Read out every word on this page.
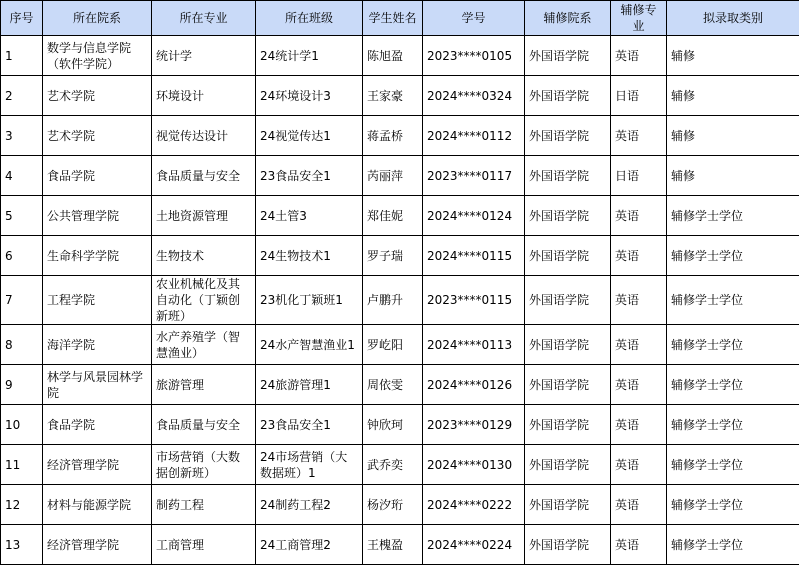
序号	所在院系	所在专业	所在班级	学生姓名	学号	辅修院系	辅修专业	拟录取类别
1	数学与信息学院（软件学院）	统计学	24统计学1	陈旭盈	2023****0105	外国语学院	英语	辅修
2	艺术学院	环境设计	24环境设计3	王家豪	2024****0324	外国语学院	日语	辅修
3	艺术学院	视觉传达设计	24视觉传达1	蒋孟桥	2024****0112	外国语学院	英语	辅修
4	食品学院	食品质量与安全	23食品安全1	芮丽萍	2023****0117	外国语学院	日语	辅修
5	公共管理学院	土地资源管理	24土管3	郑佳妮	2024****0124	外国语学院	英语	辅修学士学位
6	生命科学学院	生物技术	24生物技术1	罗子瑞	2024****0115	外国语学院	英语	辅修学士学位
7	工程学院	农业机械化及其自动化（丁颖创新班）	23机化丁颖班1	卢鹏升	2023****0115	外国语学院	英语	辅修学士学位
8	海洋学院	水产养殖学（智慧渔业）	24水产智慧渔业1	罗屹阳	2024****0113	外国语学院	英语	辅修学士学位
9	林学与风景园林学院	旅游管理	24旅游管理1	周依雯	2024****0126	外国语学院	英语	辅修学士学位
10	食品学院	食品质量与安全	23食品安全1	钟欣珂	2023****0129	外国语学院	英语	辅修学士学位
11	经济管理学院	市场营销（大数据创新班）	24市场营销（大数据班）1	武乔奕	2024****0130	外国语学院	英语	辅修学士学位
12	材料与能源学院	制药工程	24制药工程2	杨汐珩	2024****0222	外国语学院	英语	辅修学士学位
13	经济管理学院	工商管理	24工商管理2	王槐盈	2024****0224	外国语学院	英语	辅修学士学位
